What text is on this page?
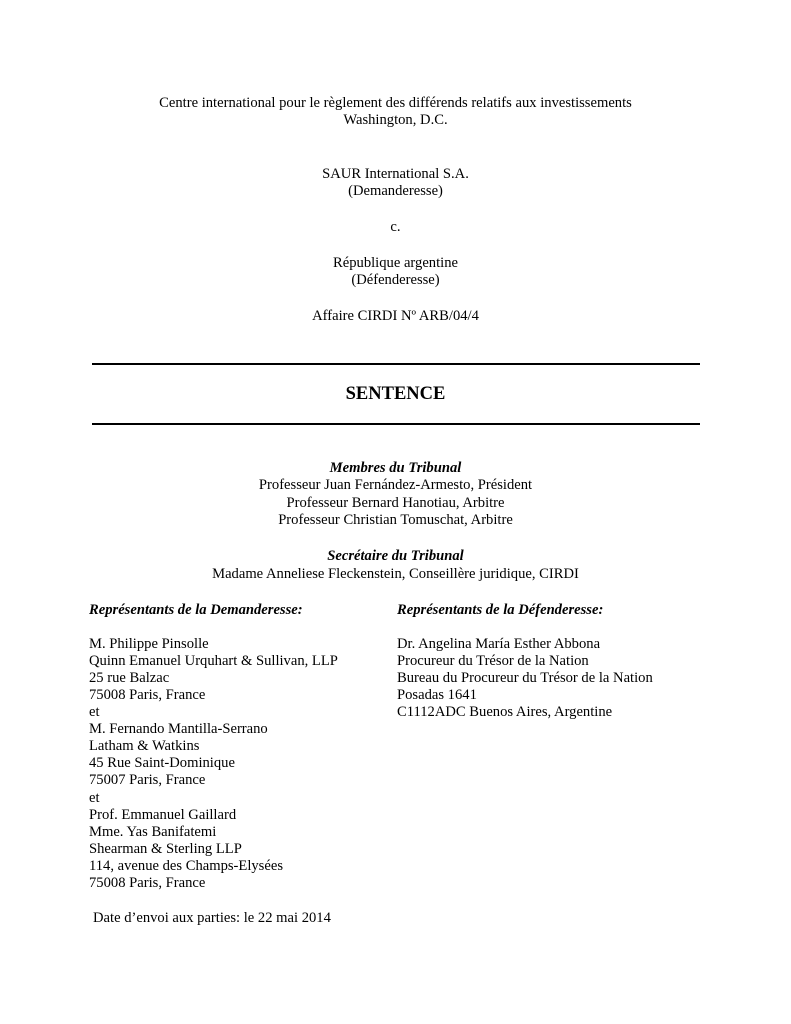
Centre international pour le règlement des différends relatifs aux investissements
Washington, D.C.
SAUR International S.A.
(Demanderesse)
c.
République argentine
(Défenderesse)
Affaire CIRDI Nº ARB/04/4
SENTENCE
Membres du Tribunal
Professeur Juan Fernández-Armesto, Président
Professeur Bernard Hanotiau, Arbitre
Professeur Christian Tomuschat, Arbitre
Secrétaire du Tribunal
Madame Anneliese Fleckenstein, Conseillère juridique, CIRDI
Représentants de la Demanderesse:
M. Philippe Pinsolle
Quinn Emanuel Urquhart & Sullivan, LLP
25 rue Balzac
75008 Paris, France
et
M. Fernando Mantilla-Serrano
Latham & Watkins
45 Rue Saint-Dominique
75007 Paris, France
et
Prof. Emmanuel Gaillard
Mme. Yas Banifatemi
Shearman & Sterling LLP
114, avenue des Champs-Elysées
75008 Paris, France
Représentants de la Défenderesse:
Dr. Angelina María Esther Abbona
Procureur du Trésor de la Nation
Bureau du Procureur du Trésor de la Nation
Posadas 1641
C1112ADC Buenos Aires, Argentine
Date d’envoi aux parties: le 22 mai 2014
